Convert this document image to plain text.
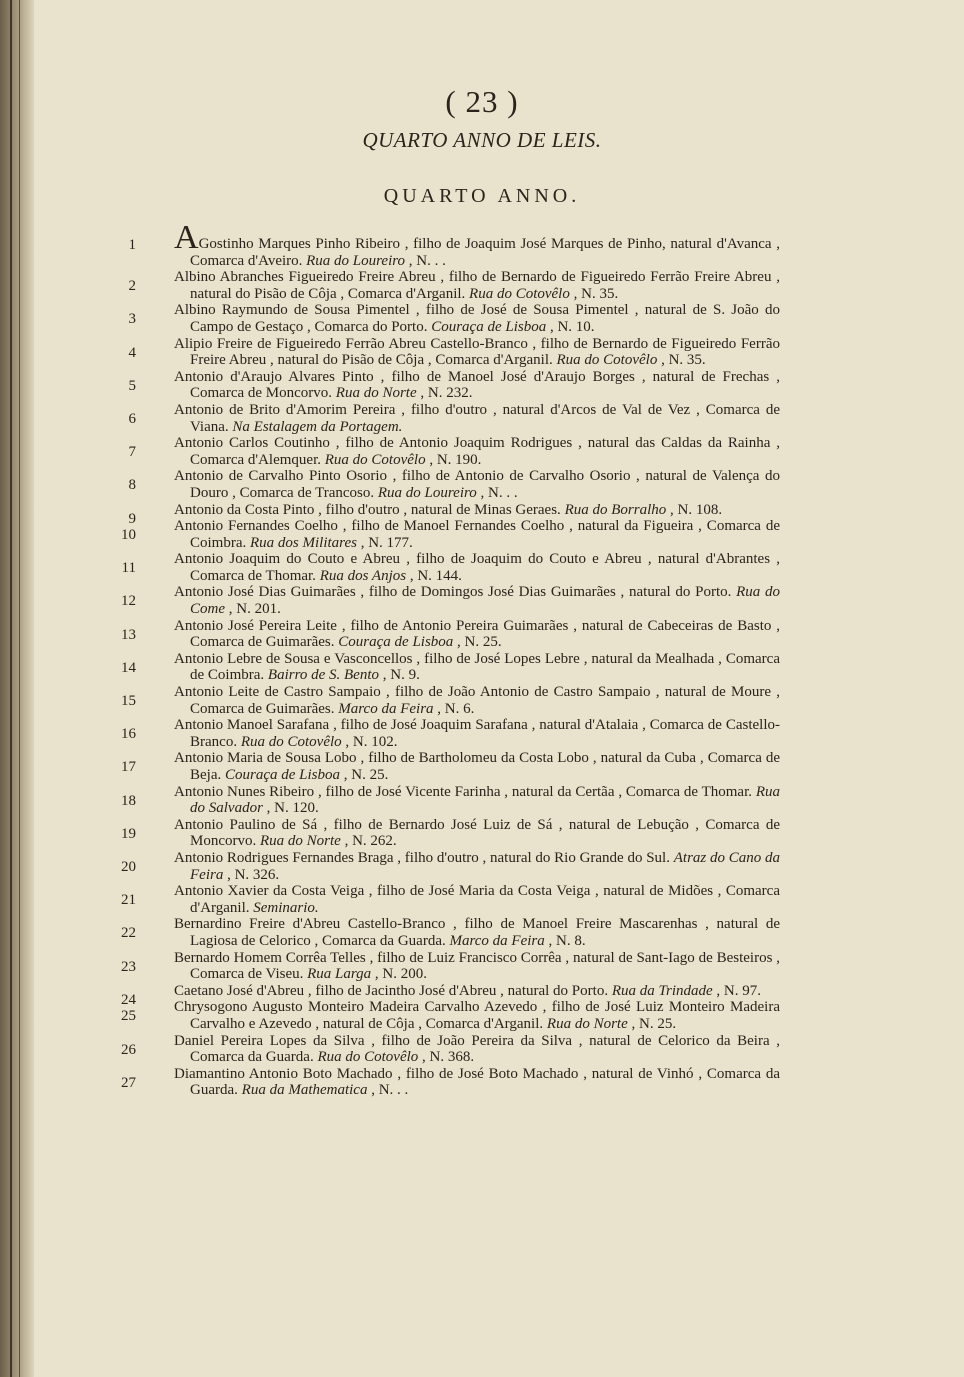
( 23 )
QUARTO ANNO DE LEIS.
QUARTO ANNO.
1	AGostinho Marques Pinho Ribeiro , filho de Joaquim José Marques de Pinho, natural d'Avanca , Comarca d'Aveiro. Rua do Loureiro , N. . .
2
Albino Abranches Figueiredo Freire Abreu , filho de Bernardo de Figueiredo Ferrão Freire Abreu , natural do Pisão de Côja , Comarca d'Arganil. Rua do Cotovêlo , N. 35.
3
Albino Raymundo de Sousa Pimentel , filho de José de Sousa Pimentel , natural de S. João do Campo de Gestaço , Comarca do Porto. Couraça de Lisboa , N. 10.
4
Alipio Freire de Figueiredo Ferrão Abreu Castello-Branco , filho de Bernardo de Figueiredo Ferrão Freire Abreu , natural do Pisão de Côja , Comarca d'Arganil. Rua do Cotovêlo , N. 35.
5
Antonio d'Araujo Alvares Pinto , filho de Manoel José d'Araujo Borges , natural de Frechas , Comarca de Moncorvo. Rua do Norte , N. 232.
6
Antonio de Brito d'Amorim Pereira , filho d'outro , natural d'Arcos de Val de Vez , Comarca de Viana. Na Estalagem da Portagem.
7
Antonio Carlos Coutinho , filho de Antonio Joaquim Rodrigues , natural das Caldas da Rainha , Comarca d'Alemquer. Rua do Cotovêlo , N. 190.
8
Antonio de Carvalho Pinto Osorio , filho de Antonio de Carvalho Osorio , natural de Valença do Douro , Comarca de Trancoso. Rua do Loureiro , N. . .
9
Antonio da Costa Pinto , filho d'outro , natural de Minas Geraes. Rua do Borralho , N. 108.
10
Antonio Fernandes Coelho , filho de Manoel Fernandes Coelho , natural da Figueira , Comarca de Coimbra. Rua dos Militares , N. 177.
11
Antonio Joaquim do Couto e Abreu , filho de Joaquim do Couto e Abreu , natural d'Abrantes , Comarca de Thomar. Rua dos Anjos , N. 144.
12
Antonio José Dias Guimarães , filho de Domingos José Dias Guimarães , natural do Porto. Rua do Come , N. 201.
13
Antonio José Pereira Leite , filho de Antonio Pereira Guimarães , natural de Cabeceiras de Basto , Comarca de Guimarães. Couraça de Lisboa , N. 25.
14
Antonio Lebre de Sousa e Vasconcellos , filho de José Lopes Lebre , natural da Mealhada , Comarca de Coimbra. Bairro de S. Bento , N. 9.
15
Antonio Leite de Castro Sampaio , filho de João Antonio de Castro Sampaio , natural de Moure , Comarca de Guimarães. Marco da Feira , N. 6.
16
Antonio Manoel Sarafana , filho de José Joaquim Sarafana , natural d'Atalaia , Comarca de Castello-Branco. Rua do Cotovêlo , N. 102.
17
Antonio Maria de Sousa Lobo , filho de Bartholomeu da Costa Lobo , natural da Cuba , Comarca de Beja. Couraça de Lisboa , N. 25.
18
Antonio Nunes Ribeiro , filho de José Vicente Farinha , natural da Certãa , Comarca de Thomar. Rua do Salvador , N. 120.
19
Antonio Paulino de Sá , filho de Bernardo José Luiz de Sá , natural de Lebução , Comarca de Moncorvo. Rua do Norte , N. 262.
20
Antonio Rodrigues Fernandes Braga , filho d'outro , natural do Rio Grande do Sul. Atraz do Cano da Feira , N. 326.
21
Antonio Xavier da Costa Veiga , filho de José Maria da Costa Veiga , natural de Midões , Comarca d'Arganil. Seminario.
22
Bernardino Freire d'Abreu Castello-Branco , filho de Manoel Freire Mascarenhas , natural de Lagiosa de Celorico , Comarca da Guarda. Marco da Feira , N. 8.
23
Bernardo Homem Corrêa Telles , filho de Luiz Francisco Corrêa , natural de Sant-Iago de Besteiros , Comarca de Viseu. Rua Larga , N. 200.
24
Caetano José d'Abreu , filho de Jacintho José d'Abreu , natural do Porto. Rua da Trindade , N. 97.
25
Chrysogono Augusto Monteiro Madeira Carvalho Azevedo , filho de José Luiz Monteiro Madeira Carvalho e Azevedo , natural de Côja , Comarca d'Arganil. Rua do Norte , N. 25.
26
Daniel Pereira Lopes da Silva , filho de João Pereira da Silva , natural de Celorico da Beira , Comarca da Guarda. Rua do Cotovêlo , N. 368.
27
Diamantino Antonio Boto Machado , filho de José Boto Machado , natural de Vinhó , Comarca da Guarda. Rua da Mathematica , N. . .
